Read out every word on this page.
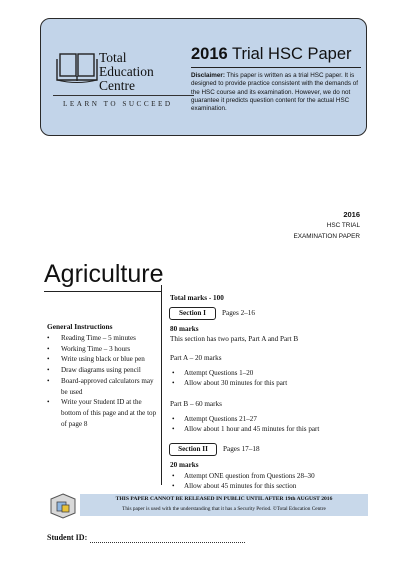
Total
Education
Centre
LEARN TO SUCCEED
2016 Trial HSC Paper
Disclaimer: This paper is written as a trial HSC paper. It is designed to provide practice consistent with the demands of the HSC course and its examination. However, we do not guarantee it predicts question content for the actual HSC examination.
2016
HSC TRIAL
EXAMINATION PAPER
Agriculture
General Instructions
• Reading Time – 5 minutes
• Working Time – 3 hours
• Write using black or blue pen
• Draw diagrams using pencil
• Board-approved calculators may be used
• Write your Student ID at the bottom of this page and at the top of page 8
Total marks - 100
Section I	Pages 2–16
80 marks
This section has two parts, Part A and Part B
Part A – 20 marks
• Attempt Questions 1–20
• Allow about 30 minutes for this part
Part B – 60 marks
• Attempt Questions 21–27
• Allow about 1 hour and 45 minutes for this part
Section II	Pages 17–18
20 marks
• Attempt ONE question from Questions 28–30
• Allow about 45 minutes for this section
THIS PAPER CANNOT BE RELEASED IN PUBLIC UNTIL AFTER 19th AUGUST 2016
This paper is used with the understanding that it has a Security Period. ©Total Education Centre
Student ID:
